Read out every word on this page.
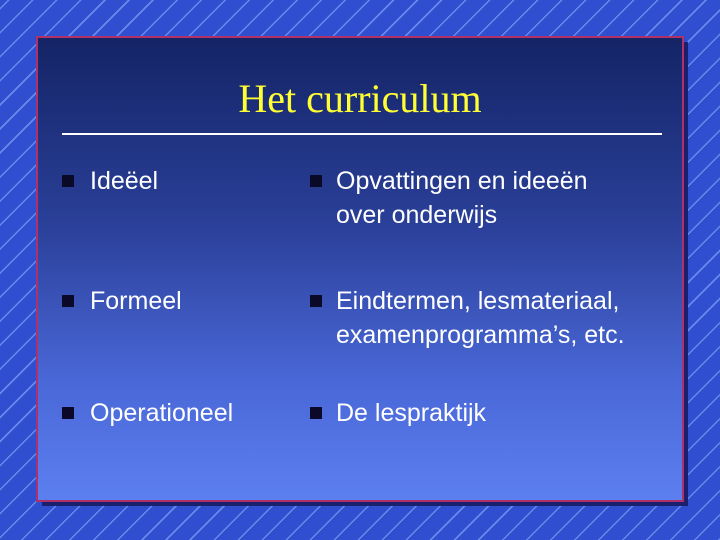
Het curriculum
Ideëel
Formeel
Operationeel
Opvattingen en ideeën
over onderwijs
Eindtermen, lesmateriaal,
examenprogramma’s, etc.
De lespraktijk
